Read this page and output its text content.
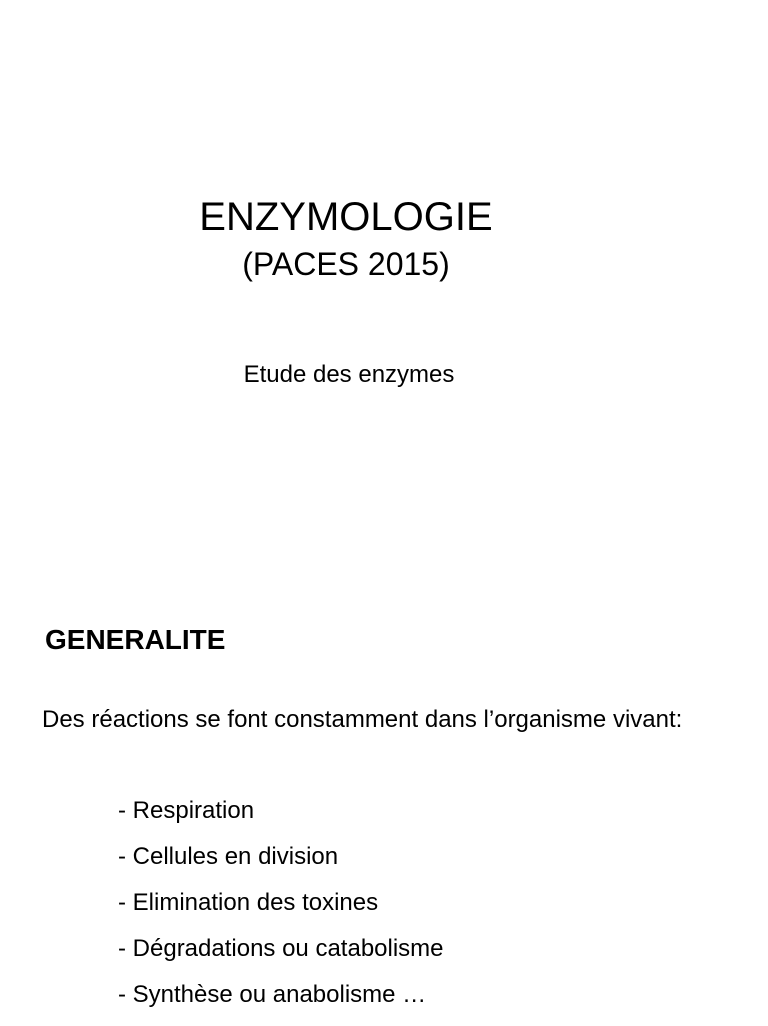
ENZYMOLOGIE
(PACES 2015)
Etude des enzymes
GENERALITE
Des réactions se font constamment dans l’organisme vivant:
- Respiration
- Cellules en division
- Elimination des toxines
- Dégradations ou catabolisme
- Synthèse ou anabolisme …
